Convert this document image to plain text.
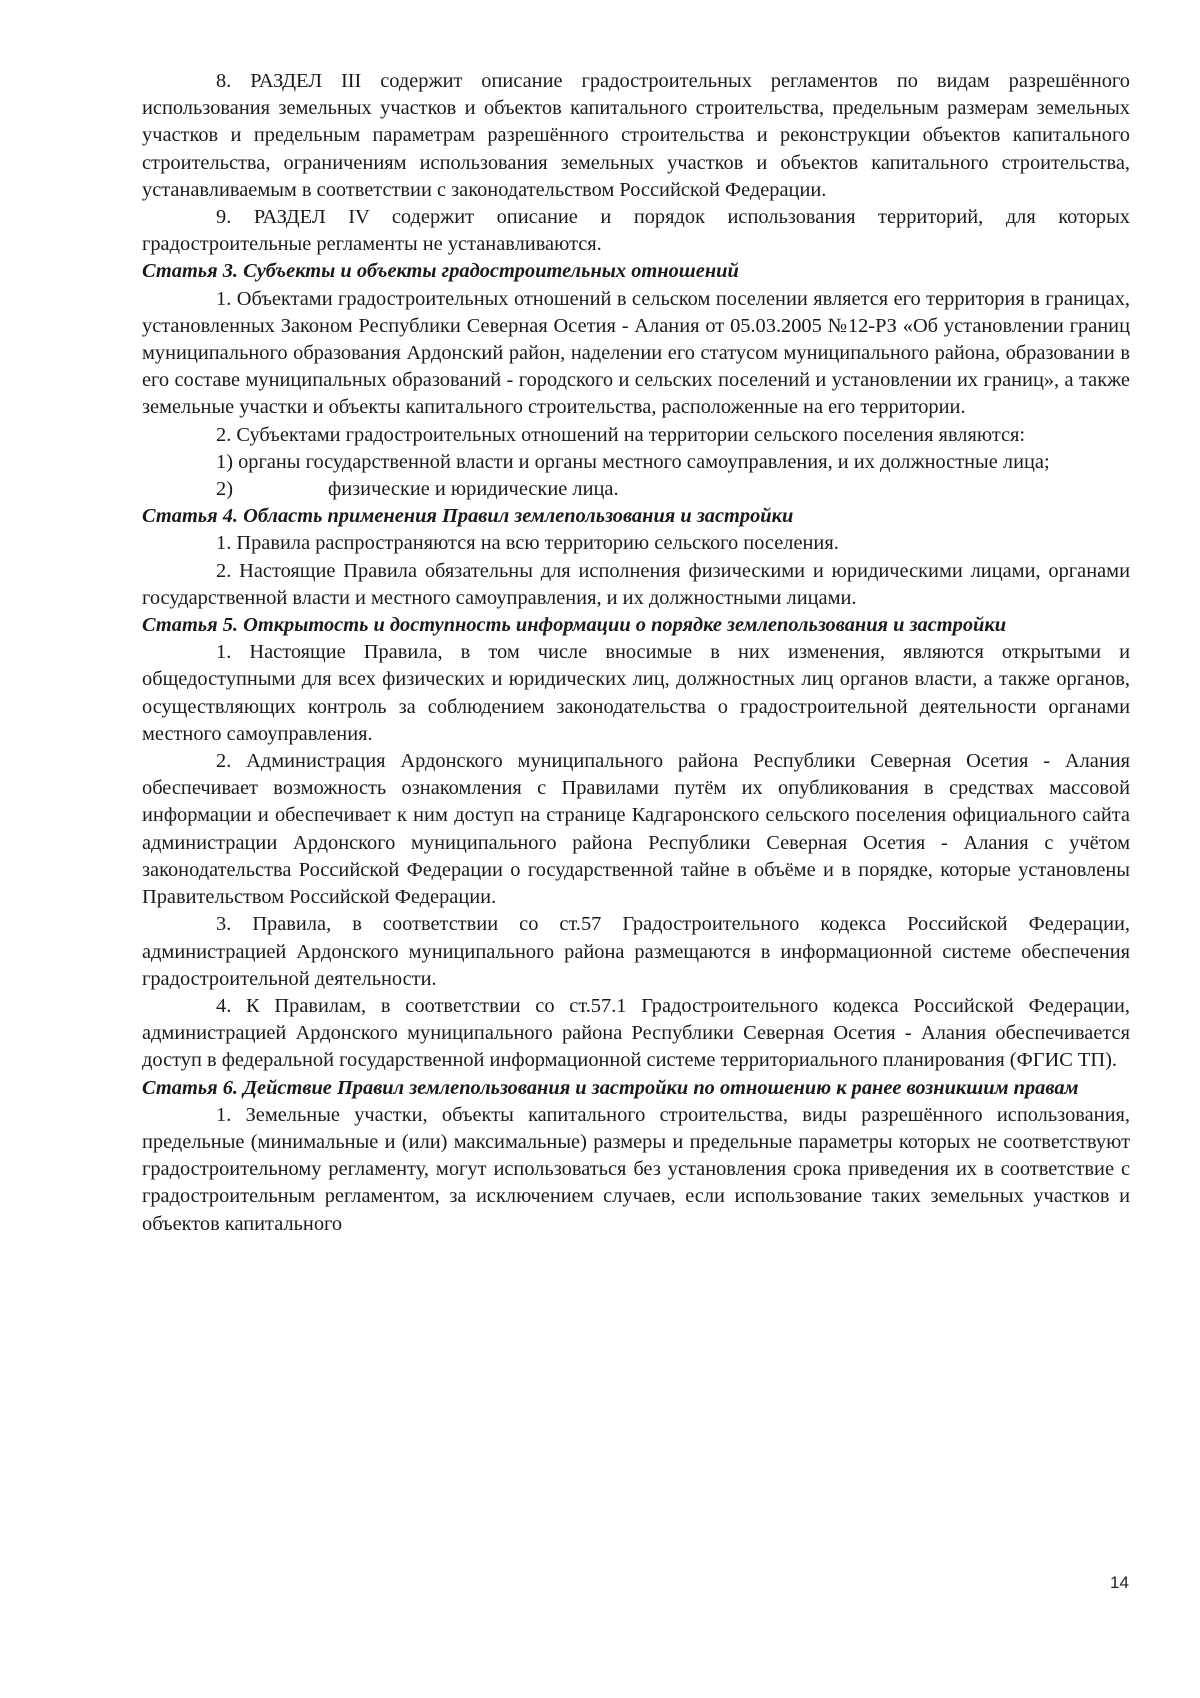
8. РАЗДЕЛ III содержит описание градостроительных регламентов по видам разрешённого использования земельных участков и объектов капитального строительства, предельным размерам земельных участков и предельным параметрам разрешённого строительства и реконструкции объектов капитального строительства, ограничениям использования земельных участков и объектов капитального строительства, устанавливаемым в соответствии с законодательством Российской Федерации.

9. РАЗДЕЛ IV содержит описание и порядок использования территорий, для которых градостроительные регламенты не устанавливаются.

Статья 3. Субъекты и объекты градостроительных отношений

1. Объектами градостроительных отношений в сельском поселении является его территория в границах, установленных Законом Республики Северная Осетия - Алания от 05.03.2005 №12-РЗ «Об установлении границ муниципального образования Ардонский район, наделении его статусом муниципального района, образовании в его составе муниципальных образований - городского и сельских поселений и установлении их границ», а также земельные участки и объекты капитального строительства, расположенные на его территории.

2. Субъектами градостроительных отношений на территории сельского поселения являются:

1) органы государственной власти и органы местного самоуправления, и их должностные лица;

2)	физические и юридические лица.

Статья 4. Область применения Правил землепользования и застройки

1. Правила распространяются на всю территорию сельского поселения.

2. Настоящие Правила обязательны для исполнения физическими и юридическими лицами, органами государственной власти и местного самоуправления, и их должностными лицами.

Статья 5. Открытость и доступность информации о порядке землепользования и застройки

1. Настоящие Правила, в том числе вносимые в них изменения, являются открытыми и общедоступными для всех физических и юридических лиц, должностных лиц органов власти, а также органов, осуществляющих контроль за соблюдением законодательства о градостроительной деятельности органами местного самоуправления.

2. Администрация Ардонского муниципального района Республики Северная Осетия - Алания обеспечивает возможность ознакомления с Правилами путём их опубликования в средствах массовой информации и обеспечивает к ним доступ на странице Кадгаронского сельского поселения официального сайта администрации Ардонского муниципального района Республики Северная Осетия - Алания с учётом законодательства Российской Федерации о государственной тайне в объёме и в порядке, которые установлены Правительством Российской Федерации.

3. Правила, в соответствии со ст.57 Градостроительного кодекса Российской Федерации, администрацией Ардонского муниципального района размещаются в информационной системе обеспечения градостроительной деятельности.

4. К Правилам, в соответствии со ст.57.1 Градостроительного кодекса Российской Федерации, администрацией Ардонского муниципального района Республики Северная Осетия - Алания обеспечивается доступ в федеральной государственной информационной системе территориального планирования (ФГИС ТП).

Статья 6. Действие Правил землепользования и застройки по отношению к ранее возникшим правам

1. Земельные участки, объекты капитального строительства, виды разрешённого использования, предельные (минимальные и (или) максимальные) размеры и предельные параметры которых не соответствуют градостроительному регламенту, могут использоваться без установления срока приведения их в соответствие с градостроительным регламентом, за исключением случаев, если использование таких земельных участков и объектов капитального

14
